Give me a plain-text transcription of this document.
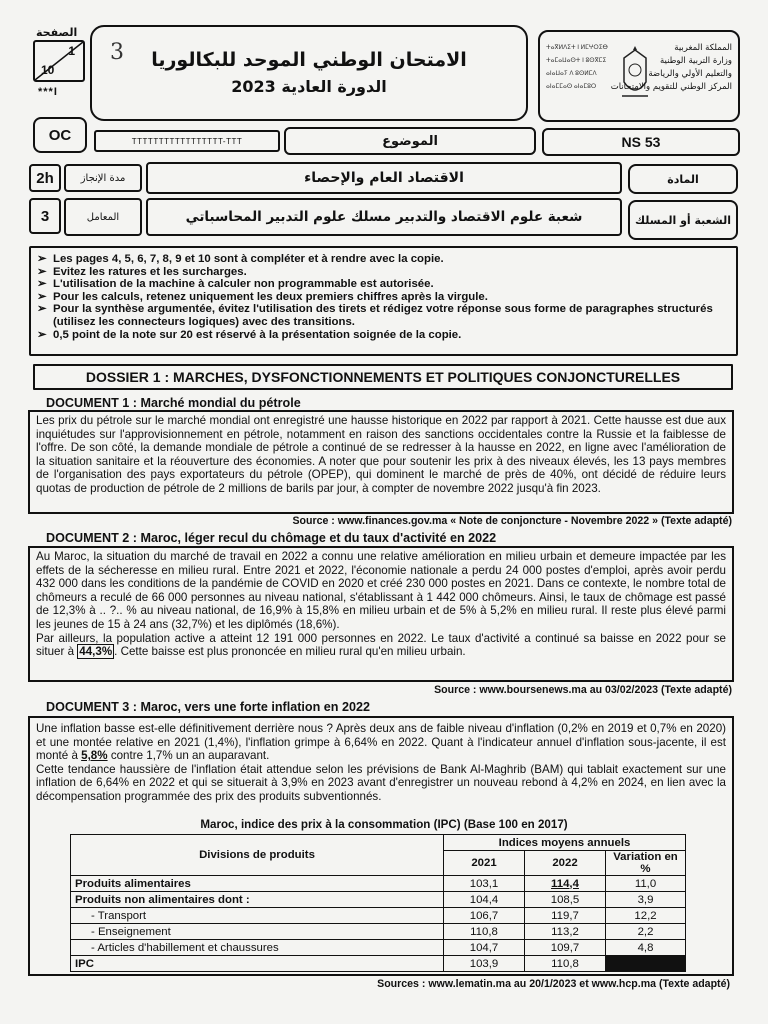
1
10
الصفحة
***I
3	الامتحان الوطني الموحد للبكالوريا
الدورة العادية 2023
ⵜⴰⴳⵍⴷⵉⵜ ⵏ ⵍⵎⵖⵔⵉⴱ
ⵜⴰⵎⴰⵡⴰⵙⵜ ⵏ ⵓⵙⴳⵎⵉ
ⴰⵏⴰⵡⴰⵢ ⴷ ⵓⵙⵍⵎⴷ
ⴰⵏⴰⵎⵎⴰⵙ ⴰⵏⴰⵎⵓⵔ
المملكة المغربية
وزارة التربية الوطنية
والتعليم الأولي والرياضة
المركز الوطني للتقويم والامتحانات
OC	TTTTTTTTTTTTTTTTT-TTT	الموضوع	NS 53
2h	مدة الإنجاز	الاقتصاد العام والإحصاء	المادة
3	المعامل	شعبة علوم الاقتصاد والتدبير مسلك علوم التدبير المحاسباتي	الشعبة أو المسلك
➢ Les pages 4, 5, 6, 7, 8, 9 et 10 sont à compléter et à rendre avec la copie.
➢ Evitez les ratures et les surcharges.
➢ L'utilisation de la machine à calculer non programmable est autorisée.
➢ Pour les calculs, retenez uniquement les deux premiers chiffres après la virgule.
➢ Pour la synthèse argumentée, évitez l'utilisation des tirets et rédigez votre réponse sous forme de paragraphes structurés (utilisez les connecteurs logiques) avec des transitions.
➢ 0,5 point de la note sur 20 est réservé à la présentation soignée de la copie.
DOSSIER 1 : MARCHES, DYSFONCTIONNEMENTS ET POLITIQUES CONJONCTURELLES
DOCUMENT 1 : Marché mondial du pétrole

Les prix du pétrole sur le marché mondial ont enregistré une hausse historique en 2022 par rapport à 2021. Cette hausse est due aux inquiétudes sur l'approvisionnement en pétrole, notamment en raison des sanctions occidentales contre la Russie et la faiblesse de l'offre. De son côté, la demande mondiale de pétrole a continué de se redresser à la hausse en 2022, en ligne avec l'amélioration de la situation sanitaire et la réouverture des économies. A noter que pour soutenir les prix à des niveaux élevés, les 13 pays membres de l'organisation des pays exportateurs du pétrole (OPEP), qui dominent le marché de près de 40%, ont décidé de réduire leurs quotas de production de pétrole de 2 millions de barils par jour, à compter de novembre 2022 jusqu'à fin 2023.

Source : www.finances.gov.ma « Note de conjoncture - Novembre 2022 » (Texte adapté)
DOCUMENT 2 : Maroc, léger recul du chômage et du taux d'activité en 2022

Au Maroc, la situation du marché de travail en 2022 a connu une relative amélioration en milieu urbain et demeure impactée par les effets de la sécheresse en milieu rural. Entre 2021 et 2022, l'économie nationale a perdu 24 000 postes d'emploi, après avoir perdu 432 000 dans les conditions de la pandémie de COVID en 2020 et créé 230 000 postes en 2021. Dans ce contexte, le nombre total de chômeurs a reculé de 66 000 personnes au niveau national, s'établissant à 1 442 000 chômeurs. Ainsi, le taux de chômage est passé de 12,3% à .. ?.. % au niveau national, de 16,9% à 15,8% en milieu urbain et de 5% à 5,2% en milieu rural. Il reste plus élevé parmi les jeunes de 15 à 24 ans (32,7%) et les diplômés (18,6%).

Par ailleurs, la population active a atteint 12 191 000 personnes en 2022. Le taux d'activité a continué sa baisse en 2022 pour se situer à 44,3% . Cette baisse est plus prononcée en milieu rural qu'en milieu urbain.

Source : www.boursenews.ma au 03/02/2023 (Texte adapté)
DOCUMENT 3 : Maroc, vers une forte inflation en 2022

Une inflation basse est-elle définitivement derrière nous ? Après deux ans de faible niveau d'inflation (0,2% en 2019 et 0,7% en 2020) et une montée relative en 2021 (1,4%), l'inflation grimpe à 6,64% en 2022. Quant à l'indicateur annuel d'inflation sous-jacente, il est monté à 5,8% contre 1,7% un an auparavant.

Cette tendance haussière de l'inflation était attendue selon les prévisions de Bank Al-Maghrib (BAM) qui tablait exactement sur une inflation de 6,64% en 2022 et qui se situerait à 3,9% en 2023 avant d'enregistrer un nouveau rebond à 4,2% en 2024, en lien avec la décompensation programmée des prix des produits subventionnés.

Maroc, indice des prix à la consommation (IPC) (Base 100 en 2017)
Divisions de produits	Indices moyens annuels		
	2021	2022	Variation en %
Produits alimentaires	103,1	114,4	11,0
Produits non alimentaires dont :	104,4	108,5	3,9
- Transport	106,7	119,7	12,2
- Enseignement	110,8	113,2	2,2
- Articles d'habillement et chaussures	104,7	109,7	4,8
IPC	103,9	110,8	
Sources : www.lematin.ma au 20/1/2023 et www.hcp.ma (Texte adapté)
